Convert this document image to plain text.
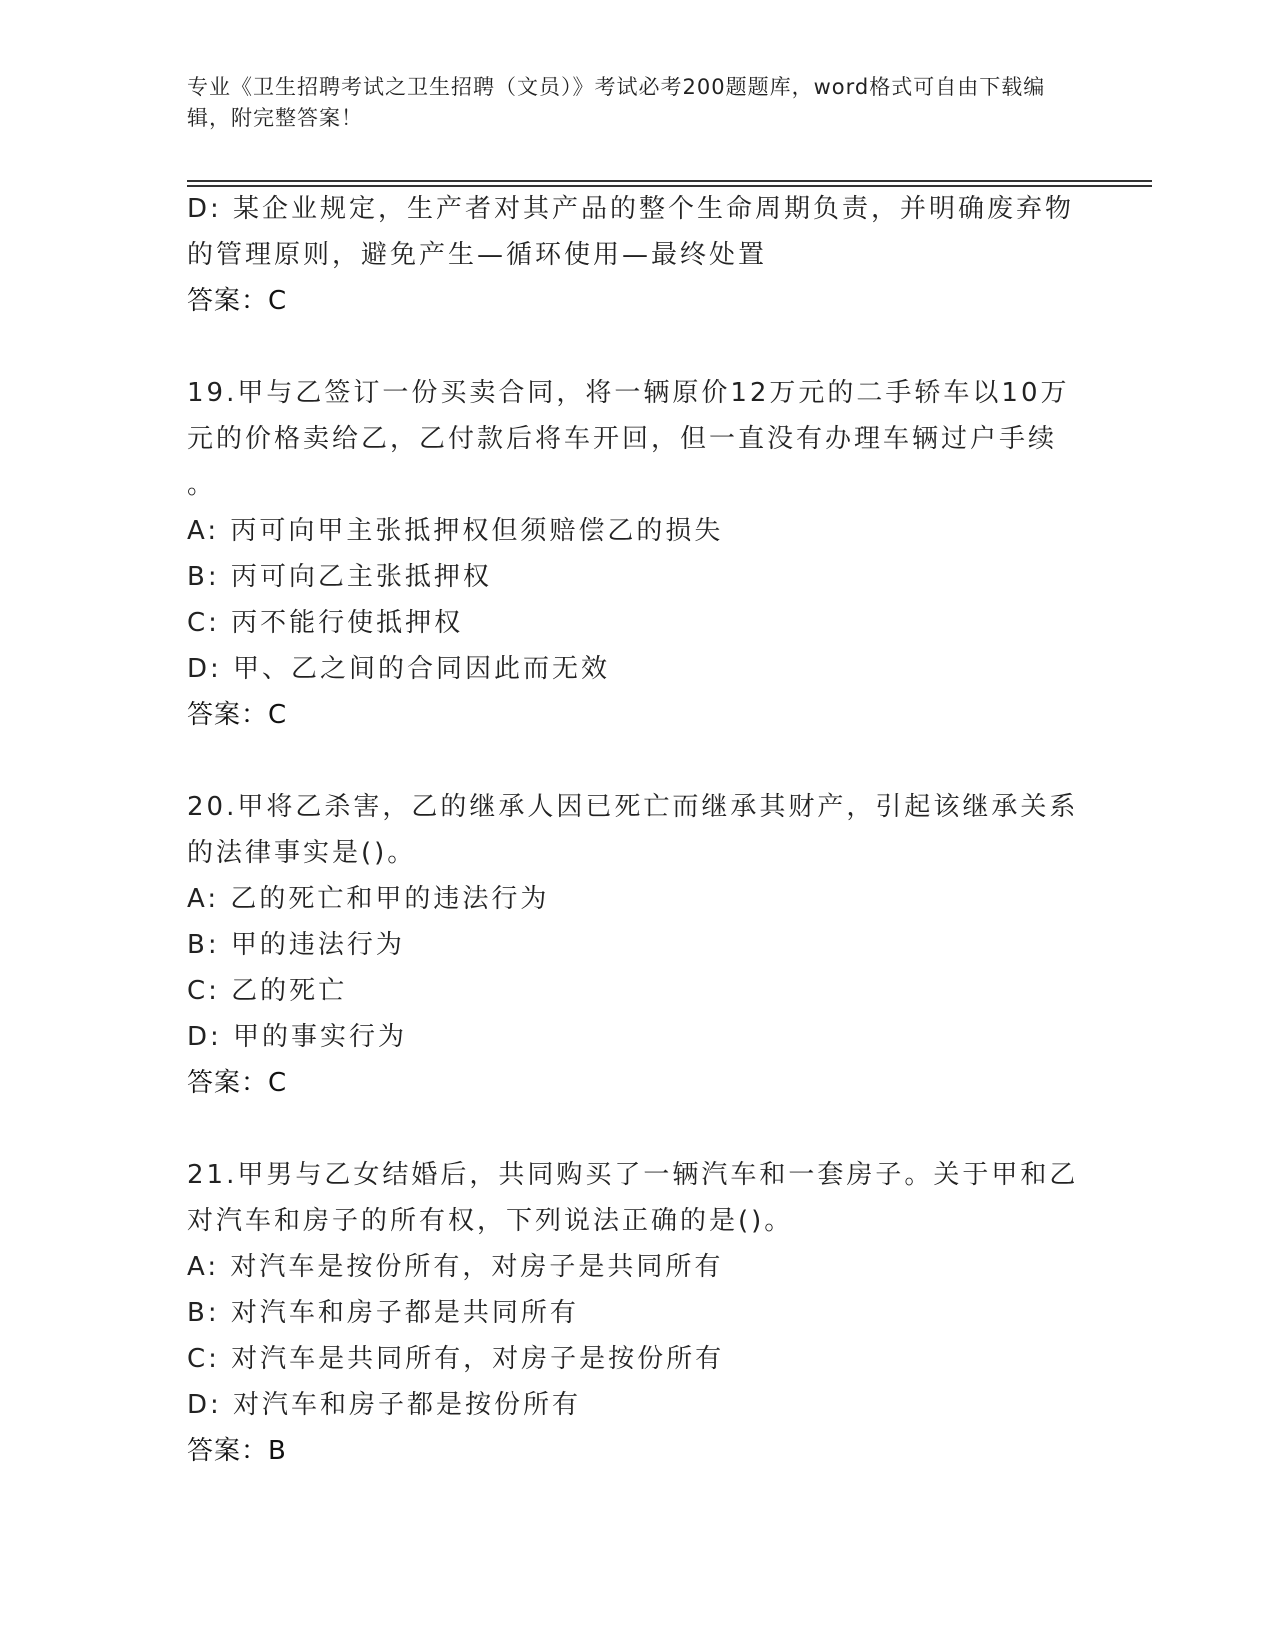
专业《卫生招聘考试之卫生招聘（文员）》考试必考200题题库，word格式可自由下载编辑，附完整答案！
D: 某企业规定，生产者对其产品的整个生命周期负责，并明确废弃物
的管理原则，避免产生—循环使用—最终处置
答案：C
19.甲与乙签订一份买卖合同，将一辆原价12万元的二手轿车以10万
元的价格卖给乙，乙付款后将车开回，但一直没有办理车辆过户手续
。
A: 丙可向甲主张抵押权但须赔偿乙的损失
B: 丙可向乙主张抵押权
C: 丙不能行使抵押权
D: 甲、乙之间的合同因此而无效
答案：C
20.甲将乙杀害，乙的继承人因已死亡而继承其财产，引起该继承关系
的法律事实是()。
A: 乙的死亡和甲的违法行为
B: 甲的违法行为
C: 乙的死亡
D: 甲的事实行为
答案：C
21.甲男与乙女结婚后，共同购买了一辆汽车和一套房子。关于甲和乙
对汽车和房子的所有权，下列说法正确的是()。
A: 对汽车是按份所有，对房子是共同所有
B: 对汽车和房子都是共同所有
C: 对汽车是共同所有，对房子是按份所有
D: 对汽车和房子都是按份所有
答案：B
